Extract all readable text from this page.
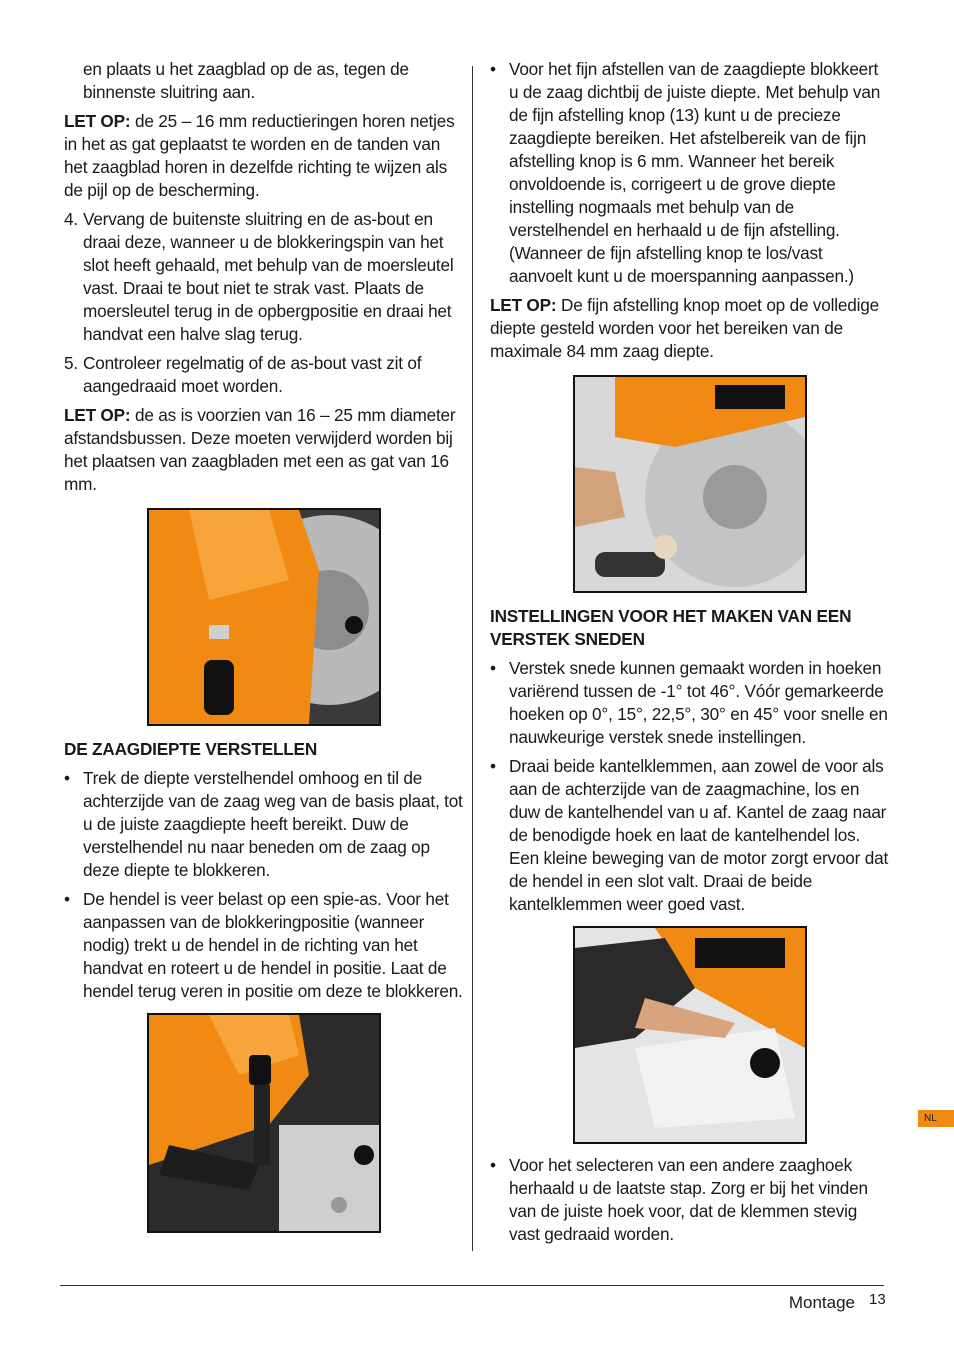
en plaats u het zaagblad op de as, tegen de binnenste sluitring aan.

LET OP: de 25 – 16 mm reductieringen horen netjes in het as gat geplaatst te worden en de tanden van het zaagblad horen in dezelfde richting te wijzen als de pijl op de bescherming.

4. Vervang de buitenste sluitring en de as-bout en draai deze, wanneer u de blokkeringspin van het slot heeft gehaald, met behulp van de moersleutel vast. Draai te bout niet te strak vast. Plaats de moersleutel terug in de opbergpositie en draai het handvat een halve slag terug.
5. Controleer regelmatig of de as-bout vast zit of aangedraaid moet worden.

LET OP: de as is voorzien van 16 – 25 mm diameter afstandsbussen. Deze moeten verwijderd worden bij het plaatsen van zaagbladen met een as gat van 16 mm.

DE ZAAGDIEPTE VERSTELLEN
• Trek de diepte verstelhendel omhoog en til de achterzijde van de zaag weg van de basis plaat, tot u de juiste zaagdiepte heeft bereikt. Duw de verstelhendel nu naar beneden om de zaag op deze diepte te blokkeren.
• De hendel is veer belast op een spie-as. Voor het aanpassen van de blokkeringpositie (wanneer nodig) trekt u de hendel in de richting van het handvat en roteert u de hendel in positie. Laat de hendel terug veren in positie om deze te blokkeren.
• Voor het fijn afstellen van de zaagdiepte blokkeert u de zaag dichtbij de juiste diepte. Met behulp van de fijn afstelling knop (13) kunt u de precieze zaagdiepte bereiken. Het afstelbereik van de fijn afstelling knop is 6 mm. Wanneer het bereik onvoldoende is, corrigeert u de grove diepte instelling nogmaals met behulp van de verstelhendel en herhaald u de fijn afstelling. (Wanneer de fijn afstelling knop te los/vast aanvoelt kunt u de moerspanning aanpassen.)

LET OP: De fijn afstelling knop moet op de volledige diepte gesteld worden voor het bereiken van de maximale 84 mm zaag diepte.

INSTELLINGEN VOOR HET MAKEN VAN EEN VERSTEK SNEDEN
• Verstek snede kunnen gemaakt worden in hoeken variërend tussen de -1° tot 46°. Vóór gemarkeerde hoeken op 0°, 15°, 22,5°, 30° en 45° voor snelle en nauwkeurige verstek snede instellingen.
• Draai beide kantelklemmen, aan zowel de voor als aan de achterzijde van de zaagmachine, los en duw de kantelhendel van u af. Kantel de zaag naar de benodigde hoek en laat de kantelhendel los. Een kleine beweging van de motor zorgt ervoor dat de hendel in een slot valt. Draai de beide kantelklemmen weer goed vast.
• Voor het selecteren van een andere zaaghoek herhaald u de laatste stap. Zorg er bij het vinden van de juiste hoek voor, dat de klemmen stevig vast gedraaid worden.
NL
Montage 13
